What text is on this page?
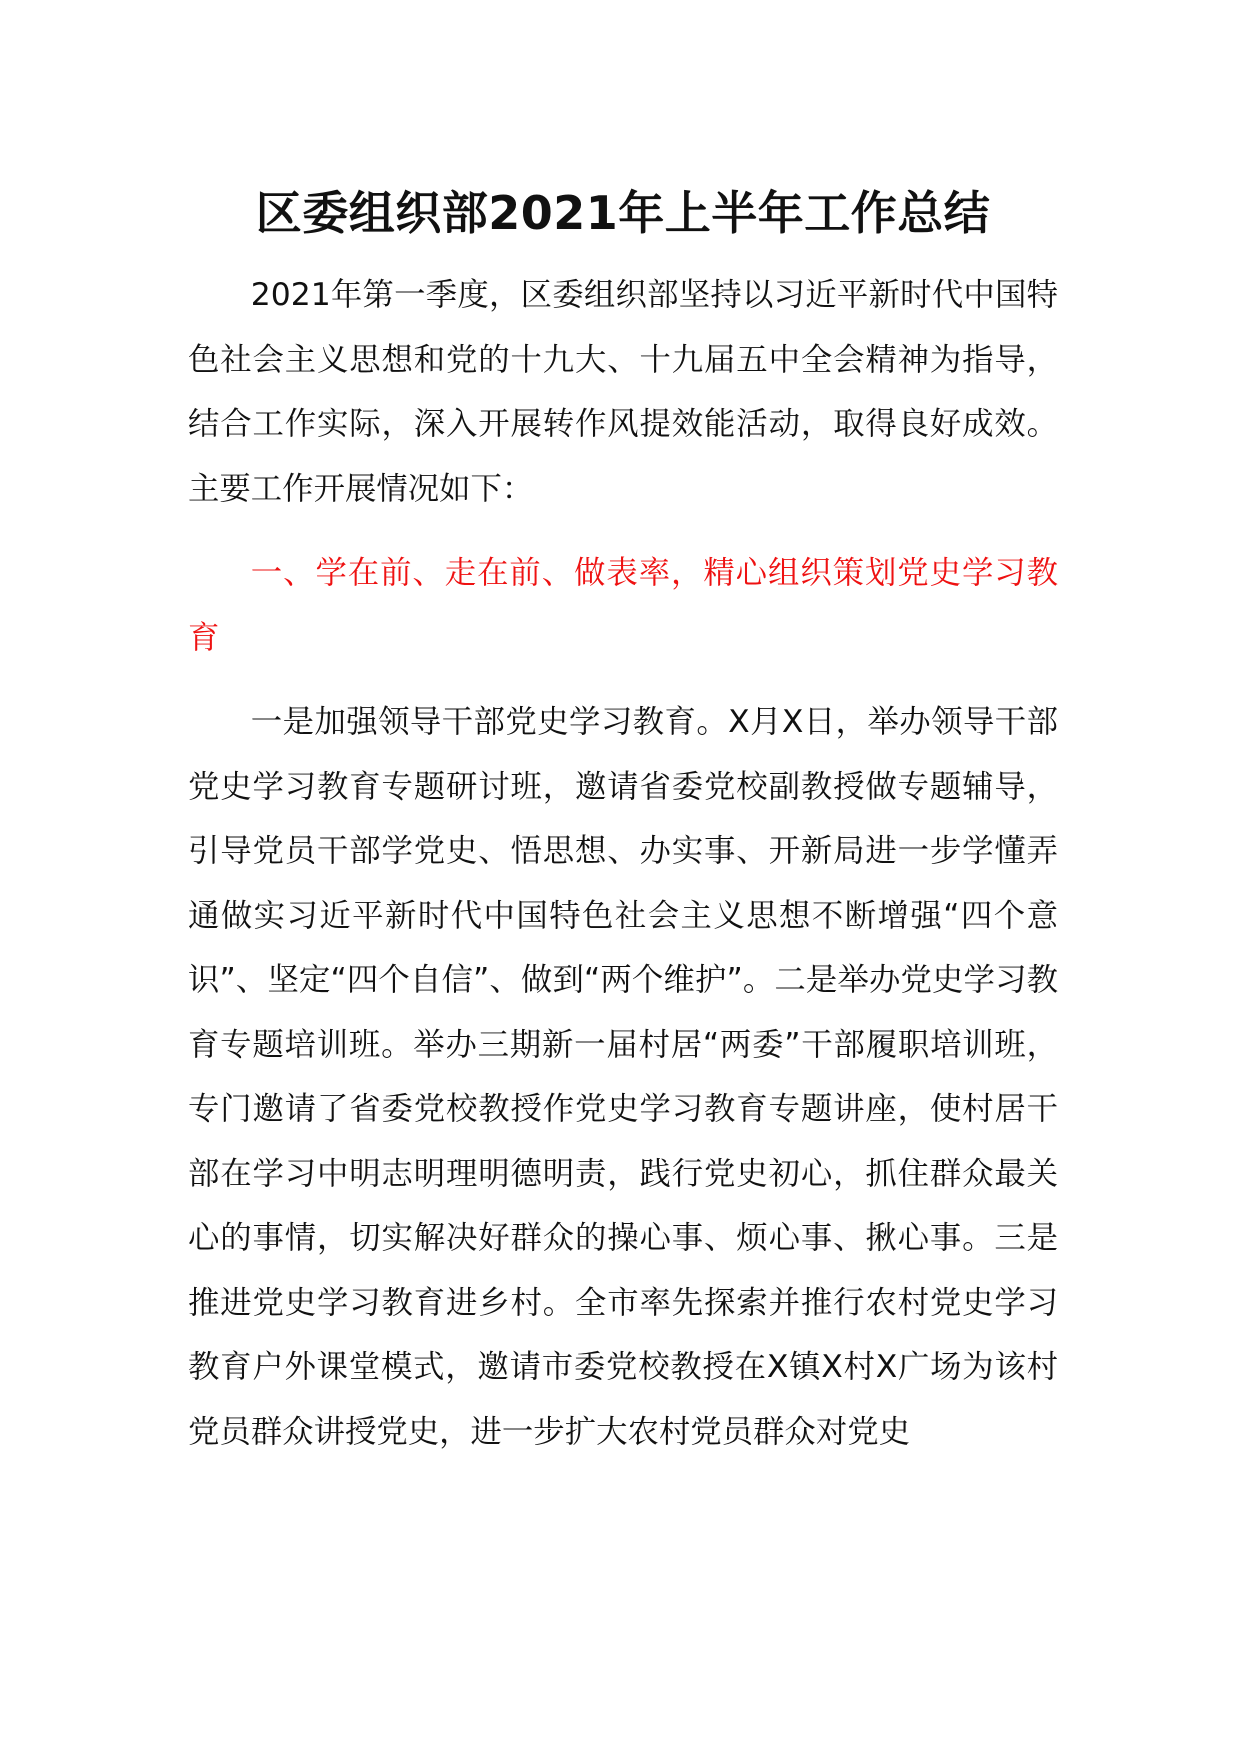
区委组织部2021年上半年工作总结

2021年第一季度，区委组织部坚持以习近平新时代中国特色社会主义思想和党的十九大、十九届五中全会精神为指导，结合工作实际，深入开展转作风提效能活动，取得良好成效。主要工作开展情况如下：

一、学在前、走在前、做表率，精心组织策划党史学习教育

一是加强领导干部党史学习教育。X月X日，举办领导干部党史学习教育专题研讨班，邀请省委党校副教授做专题辅导，引导党员干部学党史、悟思想、办实事、开新局进一步学懂弄通做实习近平新时代中国特色社会主义思想不断增强“四个意识”、坚定“四个自信”、做到“两个维护”。二是举办党史学习教育专题培训班。举办三期新一届村居“两委”干部履职培训班，专门邀请了省委党校教授作党史学习教育专题讲座，使村居干部在学习中明志明理明德明责，践行党史初心，抓住群众最关心的事情，切实解决好群众的操心事、烦心事、揪心事。三是推进党史学习教育进乡村。全市率先探索并推行农村党史学习教育户外课堂模式，邀请市委党校教授在X镇X村X广场为该村党员群众讲授党史，进一步扩大农村党员群众对党史
